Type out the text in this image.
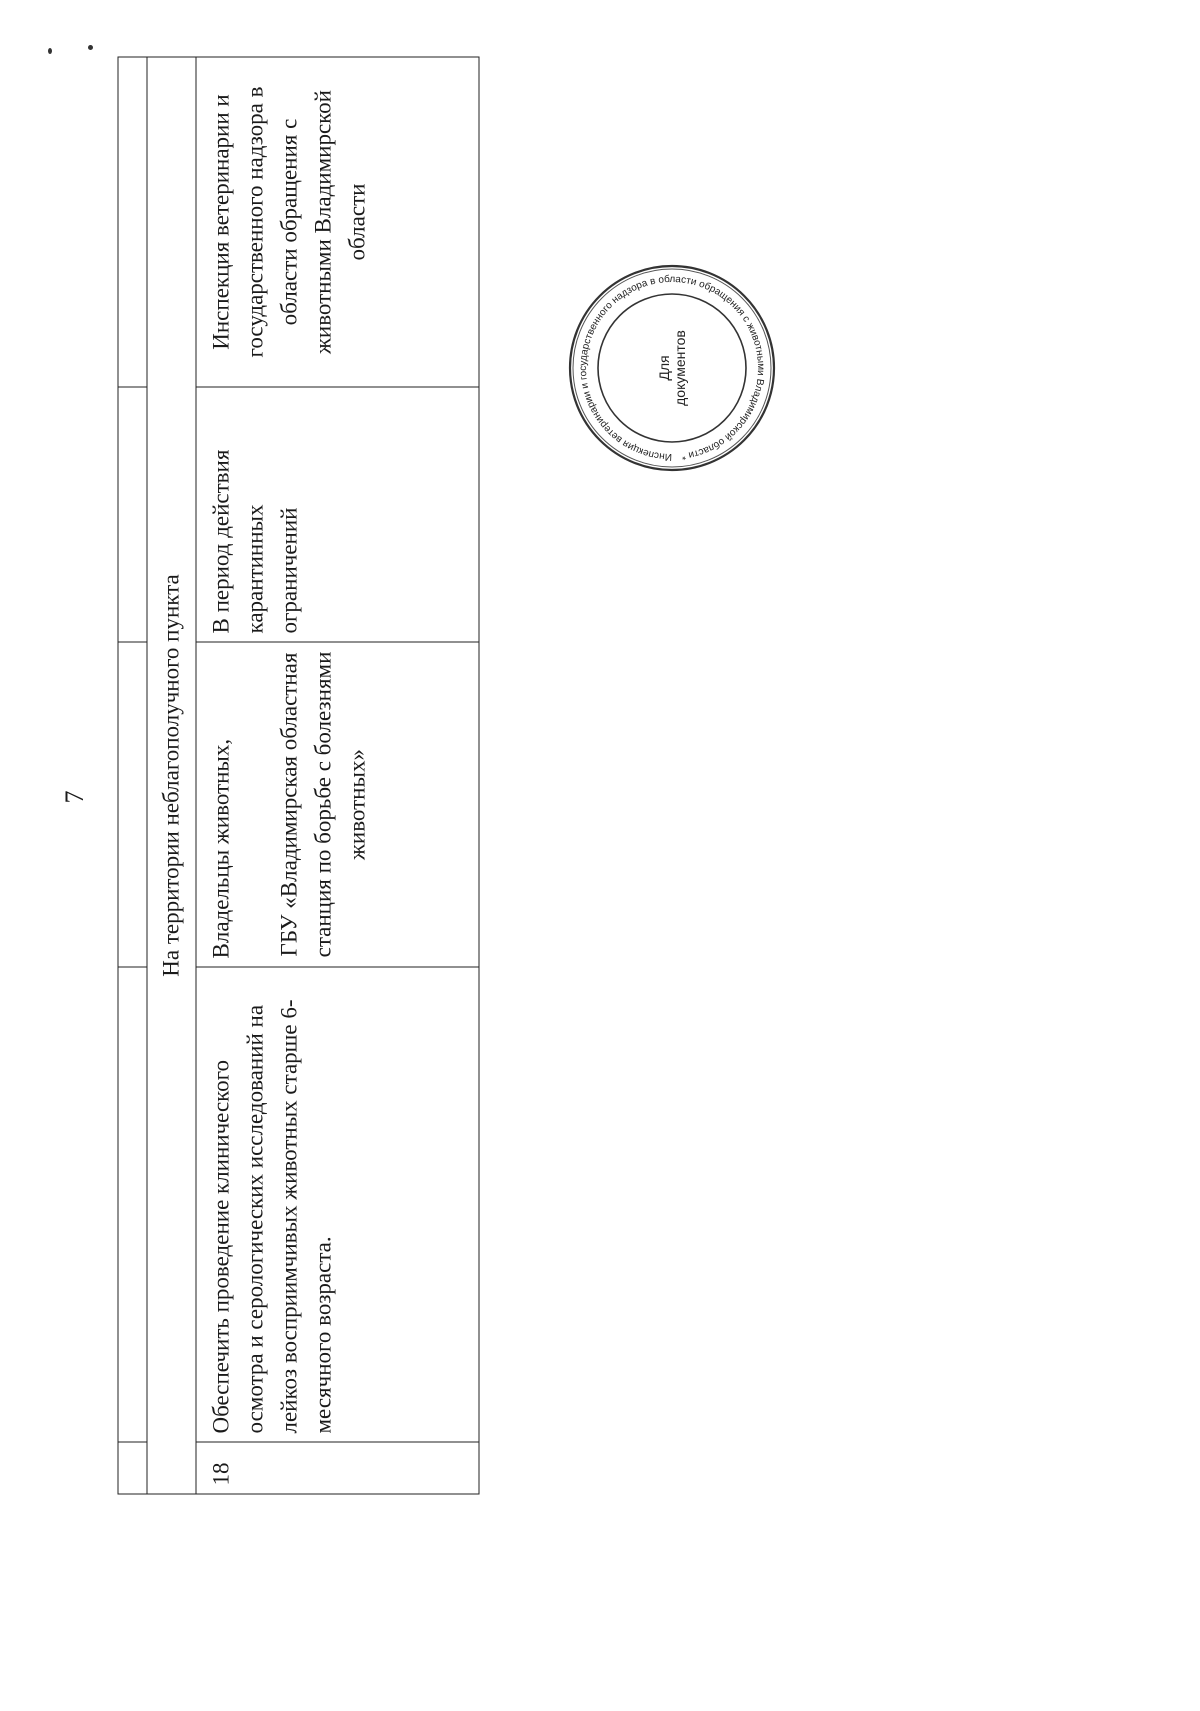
7
					На территории неблагополучного пункта				
18	Обеспечить проведение клинического осмотра и серологических исследований на лейкоз восприимчивых животных старше 6-месячного возраста.	Владельцы животных, ГБУ «Владимирская областная станция по борьбе с болезнями животных»	В период действия карантинных ограничений	Инспекция ветеринарии и государственного надзора в области обращения с животными Владимирской области
Инспекция ветеринарии и государственного надзора в области обращения с животными Владимирской области *
Для документов
